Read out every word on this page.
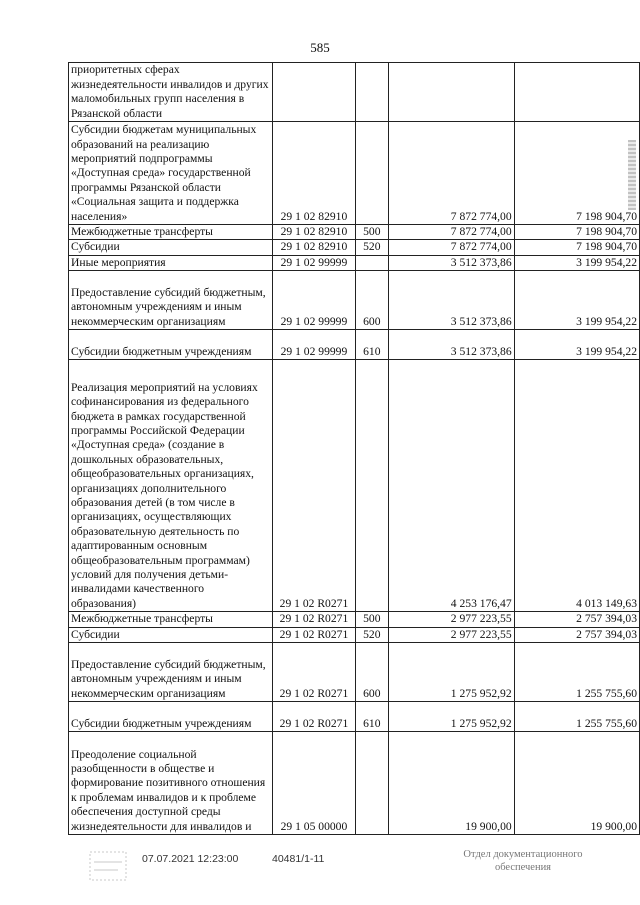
585
приоритетных сферах жизнедеятельности инвалидов и других маломобильных групп населения в Рязанской области				
Субсидии бюджетам муниципальных образований на реализацию мероприятий подпрограммы «Доступная среда» государственной программы Рязанской области «Социальная защита и поддержка населения»	29 1 02 82910		7 872 774,00	7 198 904,70
Межбюджетные трансферты	29 1 02 82910	500	7 872 774,00	7 198 904,70
Субсидии	29 1 02 82910	520	7 872 774,00	7 198 904,70
Иные мероприятия	29 1 02 99999		3 512 373,86	3 199 954,22
Предоставление субсидий бюджетным, автономным учреждениям и иным некоммерческим организациям	29 1 02 99999	600	3 512 373,86	3 199 954,22
Субсидии бюджетным учреждениям	29 1 02 99999	610	3 512 373,86	3 199 954,22
Реализация мероприятий на условиях софинансирования из федерального бюджета в рамках государственной программы Российской Федерации «Доступная среда» (создание в дошкольных образовательных, общеобразовательных организациях, организациях дополнительного образования детей (в том числе в организациях, осуществляющих образовательную деятельность по адаптированным основным общеобразовательным программам) условий для получения детьми-инвалидами качественного образования)	29 1 02 R0271		4 253 176,47	4 013 149,63
Межбюджетные трансферты	29 1 02 R0271	500	2 977 223,55	2 757 394,03
Субсидии	29 1 02 R0271	520	2 977 223,55	2 757 394,03
Предоставление субсидий бюджетным, автономным учреждениям и иным некоммерческим организациям	29 1 02 R0271	600	1 275 952,92	1 255 755,60
Субсидии бюджетным учреждениям	29 1 02 R0271	610	1 275 952,92	1 255 755,60
Преодоление социальной разобщенности в обществе и формирование позитивного отношения к проблемам инвалидов и к проблеме обеспечения доступной среды жизнедеятельности для инвалидов и	29 1 05 00000		19 900,00	19 900,00
07.07.2021 12:23:00	40481/1-11	Отдел документационного обеспечения
